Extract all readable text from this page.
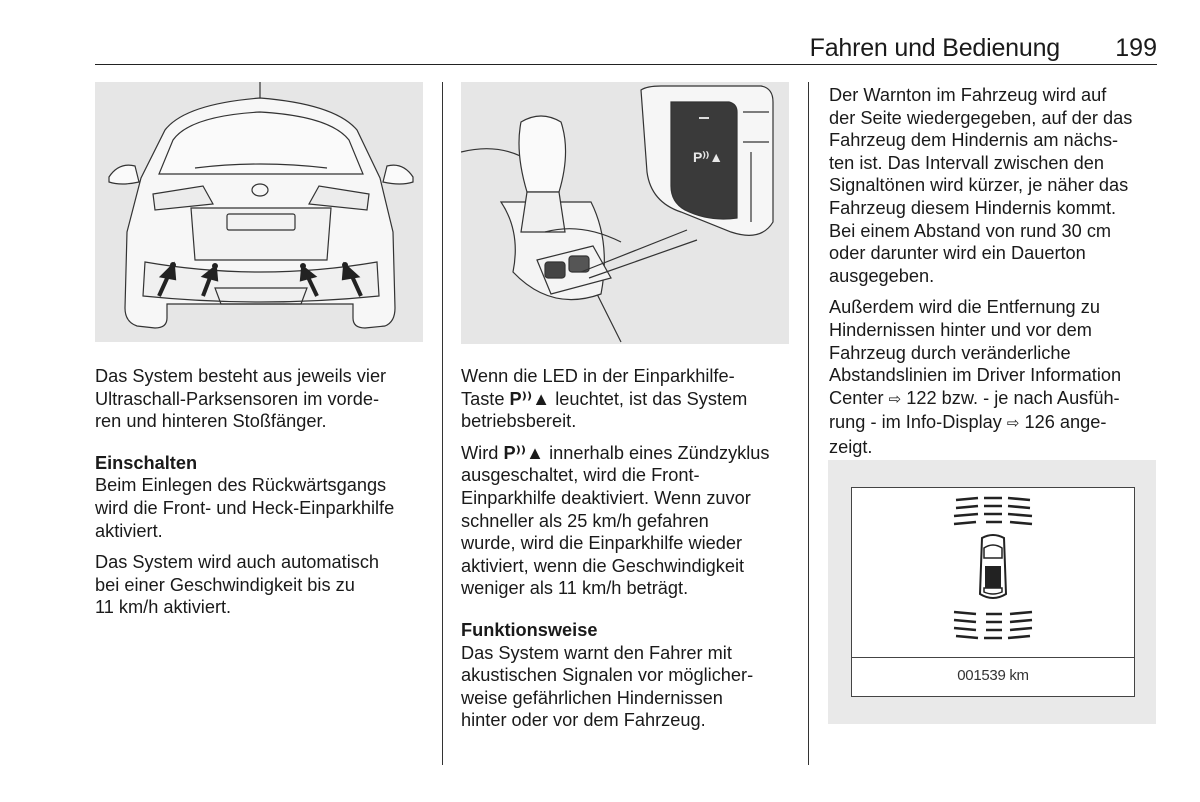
Fahren und Bedienung	199
P⁾⁾▲

Das System besteht aus jeweils vier
Ultraschall-Parksensoren im vorde-
ren und hinteren Stoßfänger.

Einschalten

Beim Einlegen des Rückwärtsgangs
wird die Front- und Heck-Einparkhilfe
aktiviert.

Das System wird auch automatisch
bei einer Geschwindigkeit bis zu
11 km/h aktiviert.

Wenn die LED in der Einparkhilfe-
Taste P⁾⁾▲ leuchtet, ist das System
betriebsbereit.

Wird P⁾⁾▲ innerhalb eines Zündzyklus
ausgeschaltet, wird die Front-
Einparkhilfe deaktiviert. Wenn zuvor
schneller als 25 km/h gefahren
wurde, wird die Einparkhilfe wieder
aktiviert, wenn die Geschwindigkeit
weniger als 11 km/h beträgt.

Funktionsweise

Das System warnt den Fahrer mit
akustischen Signalen vor möglicher-
weise gefährlichen Hindernissen
hinter oder vor dem Fahrzeug.

Der Warnton im Fahrzeug wird auf
der Seite wiedergegeben, auf der das
Fahrzeug dem Hindernis am nächs-
ten ist. Das Intervall zwischen den
Signaltönen wird kürzer, je näher das
Fahrzeug diesem Hindernis kommt.
Bei einem Abstand von rund 30 cm
oder darunter wird ein Dauerton
ausgegeben.

Außerdem wird die Entfernung zu
Hindernissen hinter und vor dem
Fahrzeug durch veränderliche
Abstandslinien im Driver Information
Center ⇨ 122 bzw. - je nach Ausfüh-
rung - im Info-Display ⇨ 126 ange-
zeigt.

001539 km
